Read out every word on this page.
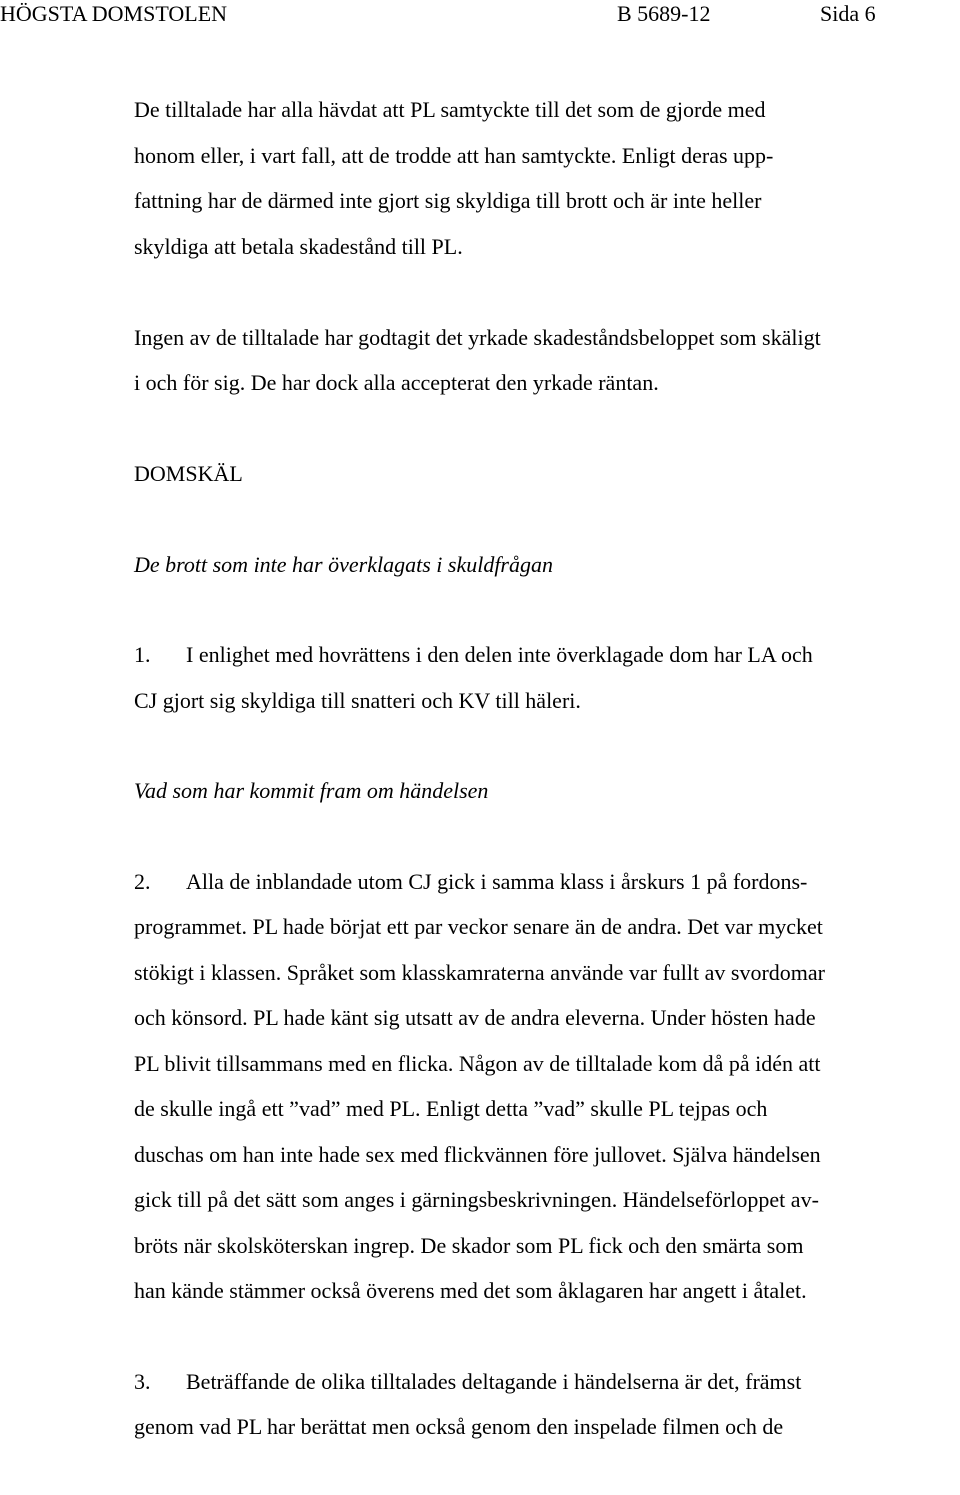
HÖGSTA DOMSTOLEN	B 5689-12	Sida 6

De tilltalade har alla hävdat att PL samtyckte till det som de gjorde med
honom eller, i vart fall, att de trodde att han samtyckte. Enligt deras upp-
fattning har de därmed inte gjort sig skyldiga till brott och är inte heller
skyldiga att betala skadestånd till PL.

Ingen av de tilltalade har godtagit det yrkade skadeståndsbeloppet som skäligt
i och för sig. De har dock alla accepterat den yrkade räntan.

DOMSKÄL

De brott som inte har överklagats i skuldfrågan

1. I enlighet med hovrättens i den delen inte överklagade dom har LA och
CJ gjort sig skyldiga till snatteri och KV till häleri.

Vad som har kommit fram om händelsen

2. Alla de inblandade utom CJ gick i samma klass i årskurs 1 på fordons-
programmet. PL hade börjat ett par veckor senare än de andra. Det var mycket
stökigt i klassen. Språket som klasskamraterna använde var fullt av svordomar
och könsord. PL hade känt sig utsatt av de andra eleverna. Under hösten hade
PL blivit tillsammans med en flicka. Någon av de tilltalade kom då på idén att
de skulle ingå ett ”vad” med PL. Enligt detta ”vad” skulle PL tejpas och
duschas om han inte hade sex med flickvännen före jullovet. Själva händelsen
gick till på det sätt som anges i gärningsbeskrivningen. Händelseförloppet av-
bröts när skolsköterskan ingrep. De skador som PL fick och den smärta som
han kände stämmer också överens med det som åklagaren har angett i åtalet.

3. Beträffande de olika tilltalades deltagande i händelserna är det, främst
genom vad PL har berättat men också genom den inspelade filmen och de
